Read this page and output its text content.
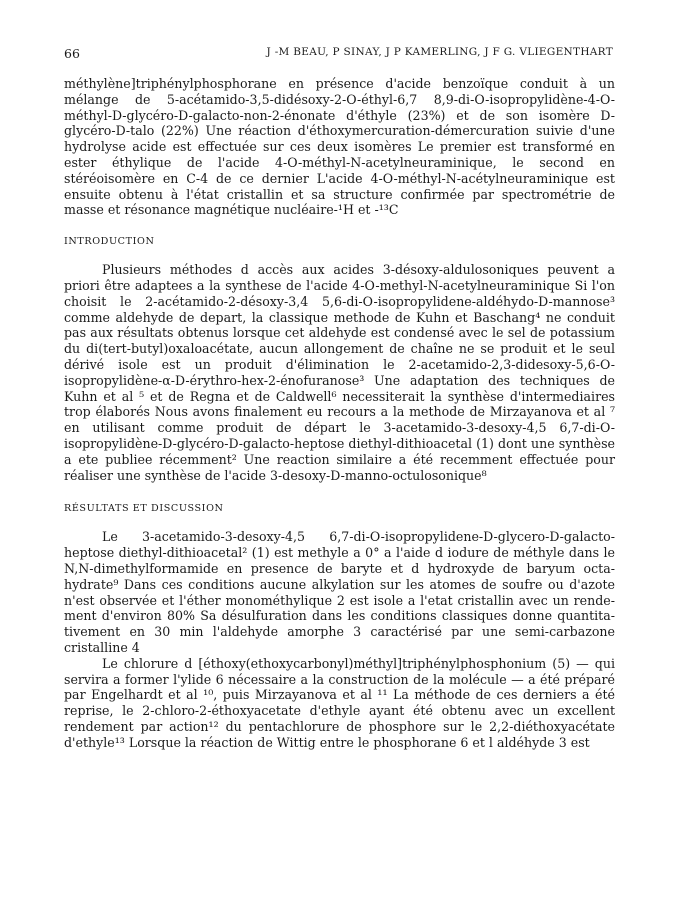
66	J -M BEAU, P SINAY, J P KAMERLING, J F G. VLIEGENTHART

méthylène]triphénylphosphorane en présence d'acide benzoïque conduit à un mélange de 5-acétamido-3,5-didésoxy-2-O-éthyl-6,7 8,9-di-O-isopropylidène-4-O-méthyl-D-glycéro-D-galacto-non-2-énonate d'éthyle (23%) et de son isomère D-glycéro-D-talo (22%) Une réaction d'éthoxymercuration-démercuration suivie d'une hydrolyse acide est effectuée sur ces deux isomères Le premier est transformé en ester éthylique de l'acide 4-O-méthyl-N-acetylneuraminique, le second en stéréoisomère en C-4 de ce dernier L'acide 4-O-méthyl-N-acétylneuraminique est ensuite obtenu à l'état cristallin et sa structure confirmée par spectrométrie de masse et résonance magnétique nucléaire-¹H et -¹³C

INTRODUCTION

Plusieurs méthodes d accès aux acides 3-désoxy-aldulosoniques peuvent a priori être adaptees a la synthese de l'acide 4-O-methyl-N-acetylneuraminique Si l'on choisit le 2-acétamido-2-désoxy-3,4 5,6-di-O-isopropylidene-aldéhydo-D-mannose³ comme aldehyde de depart, la classique methode de Kuhn et Baschang⁴ ne conduit pas aux résultats obtenus lorsque cet aldehyde est condensé avec le sel de potassium du di(tert-butyl)oxaloacétate, aucun allongement de chaîne ne se produit et le seul dérivé isole est un produit d'élimination le 2-acetamido-2,3-didesoxy-5,6-O-isopropylidène-α-D-érythro-hex-2-énofuranose³ Une adaptation des techniques de Kuhn et al ⁵ et de Regna et de Caldwell⁶ necessiterait la synthèse d'intermediaires trop élaborés Nous avons finalement eu recours a la methode de Mirzayanova et al ⁷ en utilisant comme produit de départ le 3-acetamido-3-desoxy-4,5 6,7-di-O-isopropylidène-D-glycéro-D-galacto-heptose diethyl-dithioacetal (1) dont une synthèse a ete publiee récemment² Une reaction similaire a été recemment effectuée pour réaliser une synthèse de l'acide 3-desoxy-D-manno-octulosonique⁸

RÉSULTATS ET DISCUSSION

Le 3-acetamido-3-desoxy-4,5 6,7-di-O-isopropylidene-D-glycero-D-galacto-heptose diethyl-dithioacetal² (1) est methyle a 0° a l'aide d iodure de méthyle dans le N,N-dimethylformamide en presence de baryte et d hydroxyde de baryum octa-hydrate⁹ Dans ces conditions aucune alkylation sur les atomes de soufre ou d'azote n'est observée et l'éther monométhylique 2 est isole a l'etat cristallin avec un rende-ment d'environ 80% Sa désulfuration dans les conditions classiques donne quantita-tivement en 30 min l'aldehyde amorphe 3 caractérisé par une semi-carbazone cristalline 4

Le chlorure d [éthoxy(ethoxycarbonyl)méthyl]triphénylphosphonium (5) — qui servira a former l'ylide 6 nécessaire a la construction de la molécule — a été préparé par Engelhardt et al ¹⁰, puis Mirzayanova et al ¹¹ La méthode de ces derniers a été reprise, le 2-chloro-2-éthoxyacetate d'ethyle ayant été obtenu avec un excellent rendement par action¹² du pentachlorure de phosphore sur le 2,2-diéthoxyacétate d'ethyle¹³ Lorsque la réaction de Wittig entre le phosphorane 6 et l aldéhyde 3 est
